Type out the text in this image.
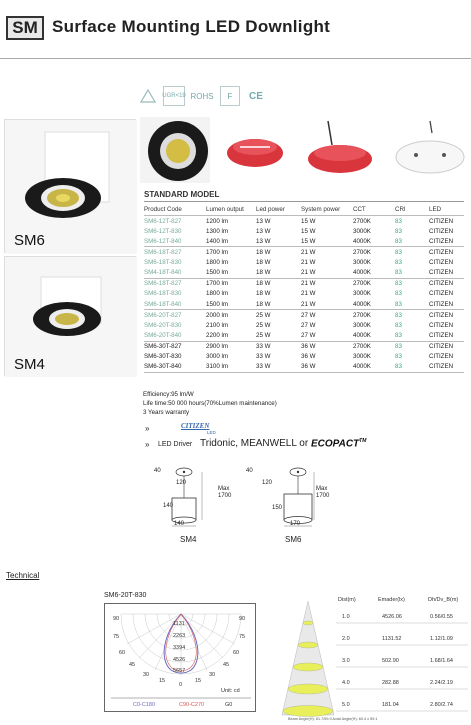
SM Surface Mounting LED Downlight
UGR<19 ROHS	F	CE
SM6
SM4
STANDARD MODEL
Product Code	Lumen output	Led power	System power	CCT	CRI	LED
SM6-12T-827	1200 lm	13 W	15 W	2700K	83	CITIZEN
SM6-12T-830	1300 lm	13 W	15 W	3000K	83	CITIZEN
SM6-12T-840	1400 lm	13 W	15 W	4000K	83	CITIZEN
SM6-18T-827	1700 lm	18 W	21 W	2700K	83	CITIZEN
SM6-18T-830	1800 lm	18 W	21 W	3000K	83	CITIZEN
SM4-18T-840	1500 lm	18 W	21 W	4000K	83	CITIZEN
SM6-18T-827	1700 lm	18 W	21 W	2700K	83	CITIZEN
SM6-18T-830	1800 lm	18 W	21 W	3000K	83	CITIZEN
SM6-18T-840	1500 lm	18 W	21 W	4000K	83	CITIZEN
SM6-20T-827	2000 lm	25 W	27 W	2700K	83	CITIZEN
SM6-20T-830	2100 lm	25 W	27 W	3000K	83	CITIZEN
SM6-20T-840	2200 lm	25 W	27 W	4000K	83	CITIZEN
SM6-30T-827	2900 lm	33 W	36 W	2700K	83	CITIZEN
SM6-30T-830	3000 lm	33 W	36 W	3000K	83	CITIZEN
SM6-30T-840	3100 lm	33 W	36 W	4000K	83	CITIZEN
Efficiency:95 lm/W
Life time:50 000 hours(70%Lumen maintenance)
3 Years warranty
»	CITIZEN
LED
» LED Driver Tridonic, MEANWELL or ECOPACT™
40
120
Max
1700
140
140
SM4
40
120
Max
1700
150
170
SM6
Technical
SM6-20T-830
90	90
75	75
60	60
45	45
30	30
15	15
0
1131
2263
3394
4526
5657
Unit: cd
C0-C180	C90-C270	G0
Dist(m)	Emader(lx)	Dh/Dv_B(m)
1.0	4526.06	0.56/0.55
2.0	1131.52	1.12/1.09
3.0	502.90	1.68/1.64
4.0	282.88	2.24/2.19
5.0	181.04	2.80/2.74
Beam Angle(H): 61.7/59.0 Axial Angle(H): 60.4 x 59.1
